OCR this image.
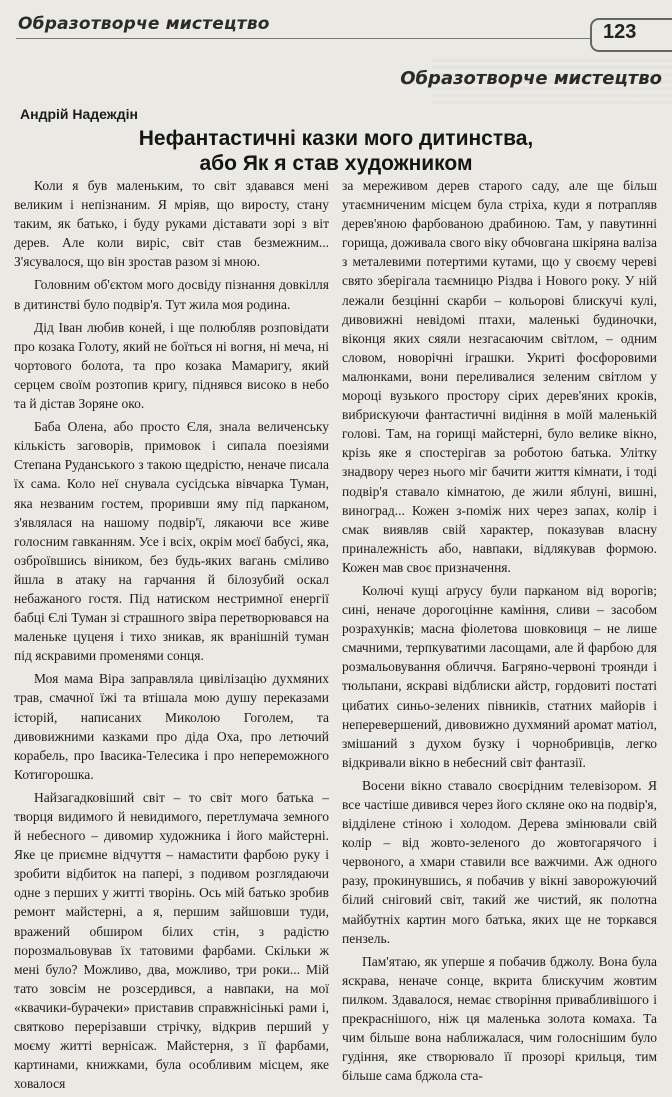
Образотворче мистецтво	123
Образотворче мистецтво
Андрій Надеждін
Нефантастичні казки мого дитинства,
або Як я став художником

Коли я був маленьким, то світ здавався мені великим і непізнаним. Я мріяв, що виросту, стану таким, як батько, і буду руками діставати зорі з віт дерев. Але коли виріс, світ став безмежним... З'ясувалося, що він зростав разом зі мною.

Головним об'єктом мого досвіду пізнання довкілля в дитинстві було подвір'я. Тут жила моя родина.

Дід Іван любив коней, і ще полюбляв розповідати про козака Голоту, який не боїться ні вогня, ні меча, ні чортового болота, та про козака Мамаригу, який серцем своїм розтопив кригу, піднявся високо в небо та й дістав Зоряне око.

Баба Олена, або просто Єля, знала величенську кількість заговорів, примовок і сипала поезіями Степана Руданського з такою щедрістю, неначе писала їх сама. Коло неї снувала сусідська вівчарка Туман, яка незваним гостем, проривши яму під парканом, з'являлася на нашому подвір'ї, лякаючи все живе голосним гавканням. Усе і всіх, окрім моєї бабусі, яка, озброївшись віником, без будь-яких вагань сміливо йшла в атаку на гарчання й білозубий оскал небажаного гостя. Під натиском нестримної енергії бабці Єлі Туман зі страшного звіра перетворювався на маленьке цуценя і тихо зникав, як вранішній туман під яскравими променями сонця.

Моя мама Віра заправляла цивілізацію духмяних трав, смачної їжі та втішала мою душу переказами історій, написаних Миколою Гоголем, та дивовижними казками про діда Оха, про летючий корабель, про Івасика-Телесика і про непереможного Котигорошка.

Найзагадковіший світ – то світ мого батька – творця видимого й невидимого, перетлумача земного й небесного – дивомир художника і його майстерні. Яке це приємне відчуття – намастити фарбою руку і зробити відбиток на папері, з подивом розглядаючи одне з перших у житті творінь. Ось мій батько зробив ремонт майстерні, а я, першим зайшовши туди, вражений обширом білих стін, з радістю порозмальовував їх татовими фарбами. Скільки ж мені було? Можливо, два, можливо, три роки... Мій тато зовсім не розсердився, а навпаки, на мої «квачики-бурачеки» приставив справжнісінькі рами і, святково перерізавши стрічку, відкрив перший у моєму житті вернісаж. Майстерня, з її фарбами, картинами, книжками, була особливим місцем, яке ховалося

за мереживом дерев старого саду, але ще більш утаємниченим місцем була стріха, куди я потрапляв дерев'яною фарбованою драбиною. Там, у павутинні горища, доживала свого віку обчовгана шкіряна валіза з металевими потертими кутами, що у своєму череві свято зберігала таємницю Різдва і Нового року. У ній лежали безцінні скарби – кольорові блискучі кулі, дивовижні невідомі птахи, маленькі будиночки, віконця яких сяяли незгасаючим світлом, – одним словом, новорічні іграшки. Укриті фосфоровими малюнками, вони переливалися зеленим світлом у мороці вузького простору сірих дерев'яних кроків, вибрискуючи фантастичні видіння в моїй маленькій голові. Там, на горищі майстерні, було велике вікно, крізь яке я спостерігав за роботою батька. Улітку знадвору через нього міг бачити життя кімнати, і тоді подвір'я ставало кімнатою, де жили яблуні, вишні, виноград... Кожен з-поміж них через запах, колір і смак виявляв свій характер, показував власну приналежність або, навпаки, відлякував формою. Кожен мав своє призначення.

Колючі кущі аґрусу були парканом від ворогів; сині, неначе дорогоцінне каміння, сливи – засобом розрахунків; масна фіолетова шовковиця – не лише смачними, терпкуватими ласощами, але й фарбою для розмальовування обличчя. Багряно-червоні троянди і тюльпани, яскраві відблиски айстр, гордовиті постаті цибатих синьо-зелених півників, статних майорів і неперевершений, дивовижно духмяний аромат матіол, змішаний з духом бузку і чорнобривців, легко відкривали вікно в небесний світ фантазії.

Восени вікно ставало своєрідним телевізором. Я все частіше дивився через його скляне око на подвір'я, відділене стіною і холодом. Дерева змінювали свій колір – від жовто-зеленого до жовтогарячого і червоного, а хмари ставили все важчими. Аж одного разу, прокинувшись, я побачив у вікні заворожуючий білий сніговий світ, такий же чистий, як полотна майбутніх картин мого батька, яких ще не торкався пензель.

Пам'ятаю, як уперше я побачив бджолу. Вона була яскрава, неначе сонце, вкрита блискучим жовтим пилком. Здавалося, немає створіння привабливішого і прекраснішого, ніж ця маленька золота комаха. Та чим більше вона наближалася, чим голоснішим було гудіння, яке створювало її прозорі крильця, тим більше сама бджола ста-
